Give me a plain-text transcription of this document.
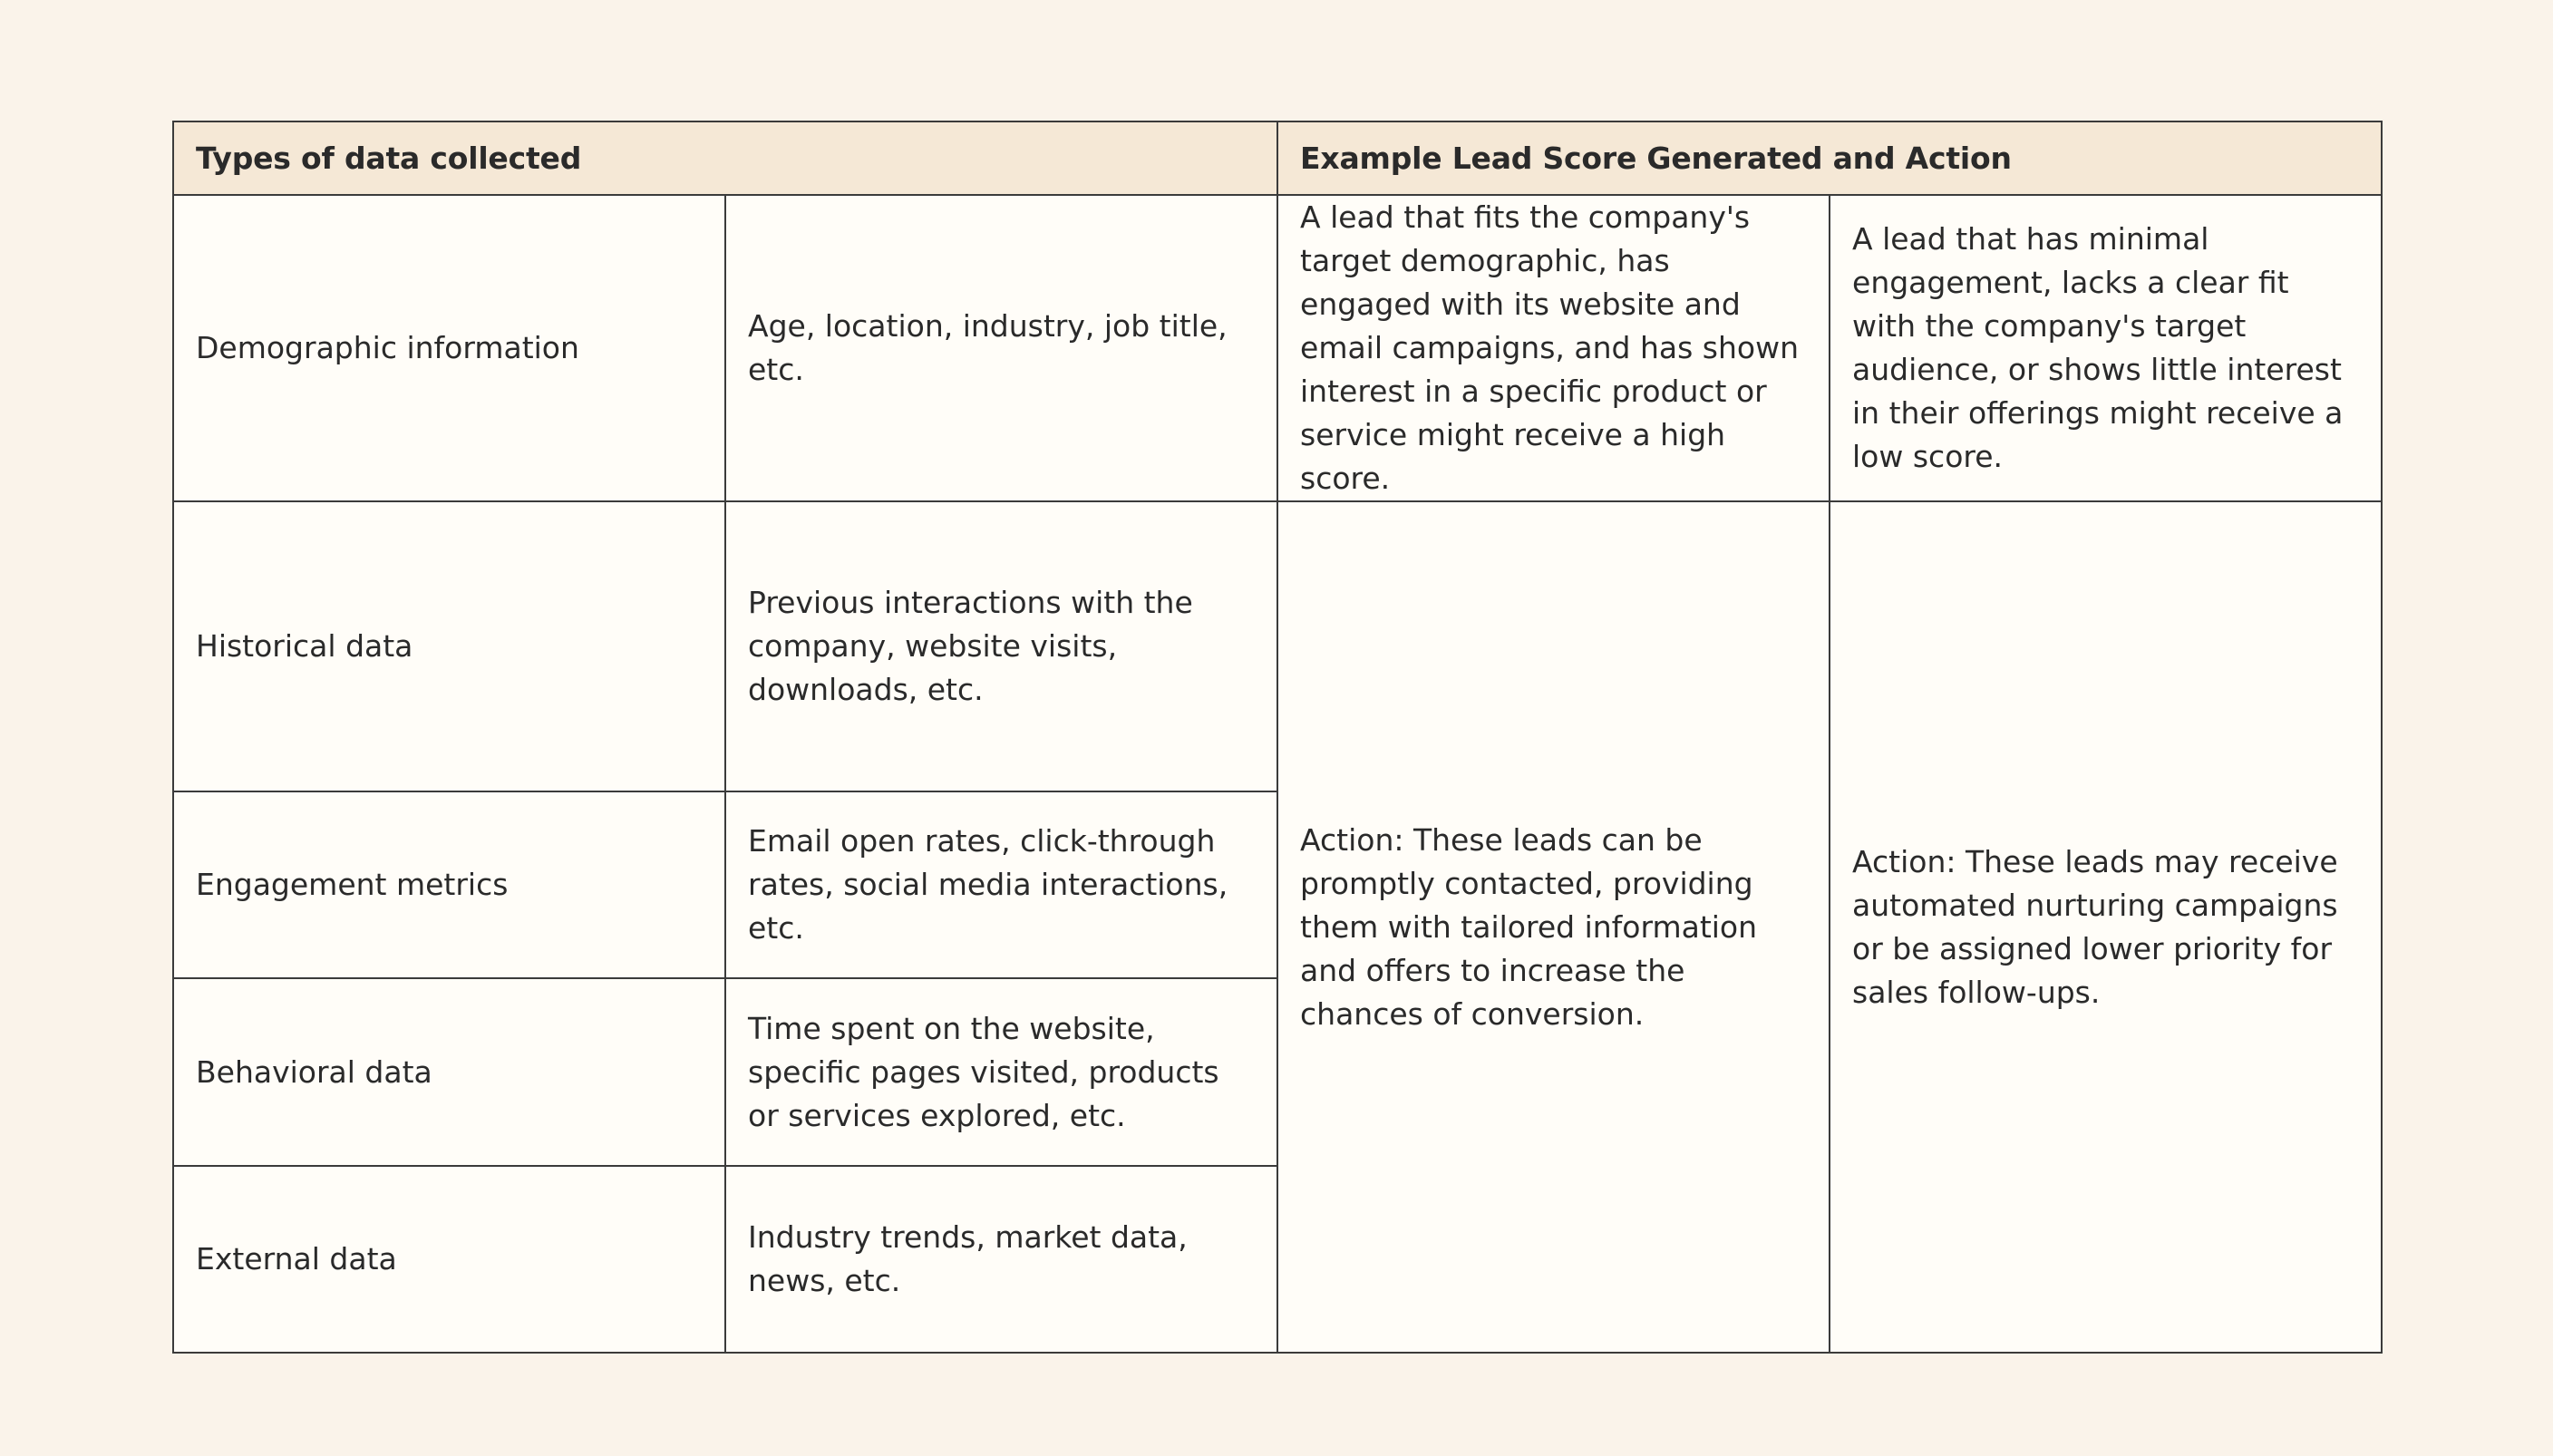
Types of data collected		Example Lead Score Generated and Action	
Demographic information	Age, location, industry, job title, etc.	A lead that fits the company's target demographic, has engaged with its website and email campaigns, and has shown interest in a specific product or service might receive a high score.	A lead that has minimal engagement, lacks a clear fit with the company's target audience, or shows little interest in their offerings might receive a low score.
Historical data	Previous interactions with the company, website visits, downloads, etc.	Action: These leads can be promptly contacted, providing them with tailored information and offers to increase the chances of conversion.	Action: These leads may receive automated nurturing campaigns or be assigned lower priority for sales follow-ups.
Engagement metrics	Email open rates, click-through rates, social media interactions, etc.		
Behavioral data	Time spent on the website, specific pages visited, products or services explored, etc.		
External data	Industry trends, market data, news, etc.		
